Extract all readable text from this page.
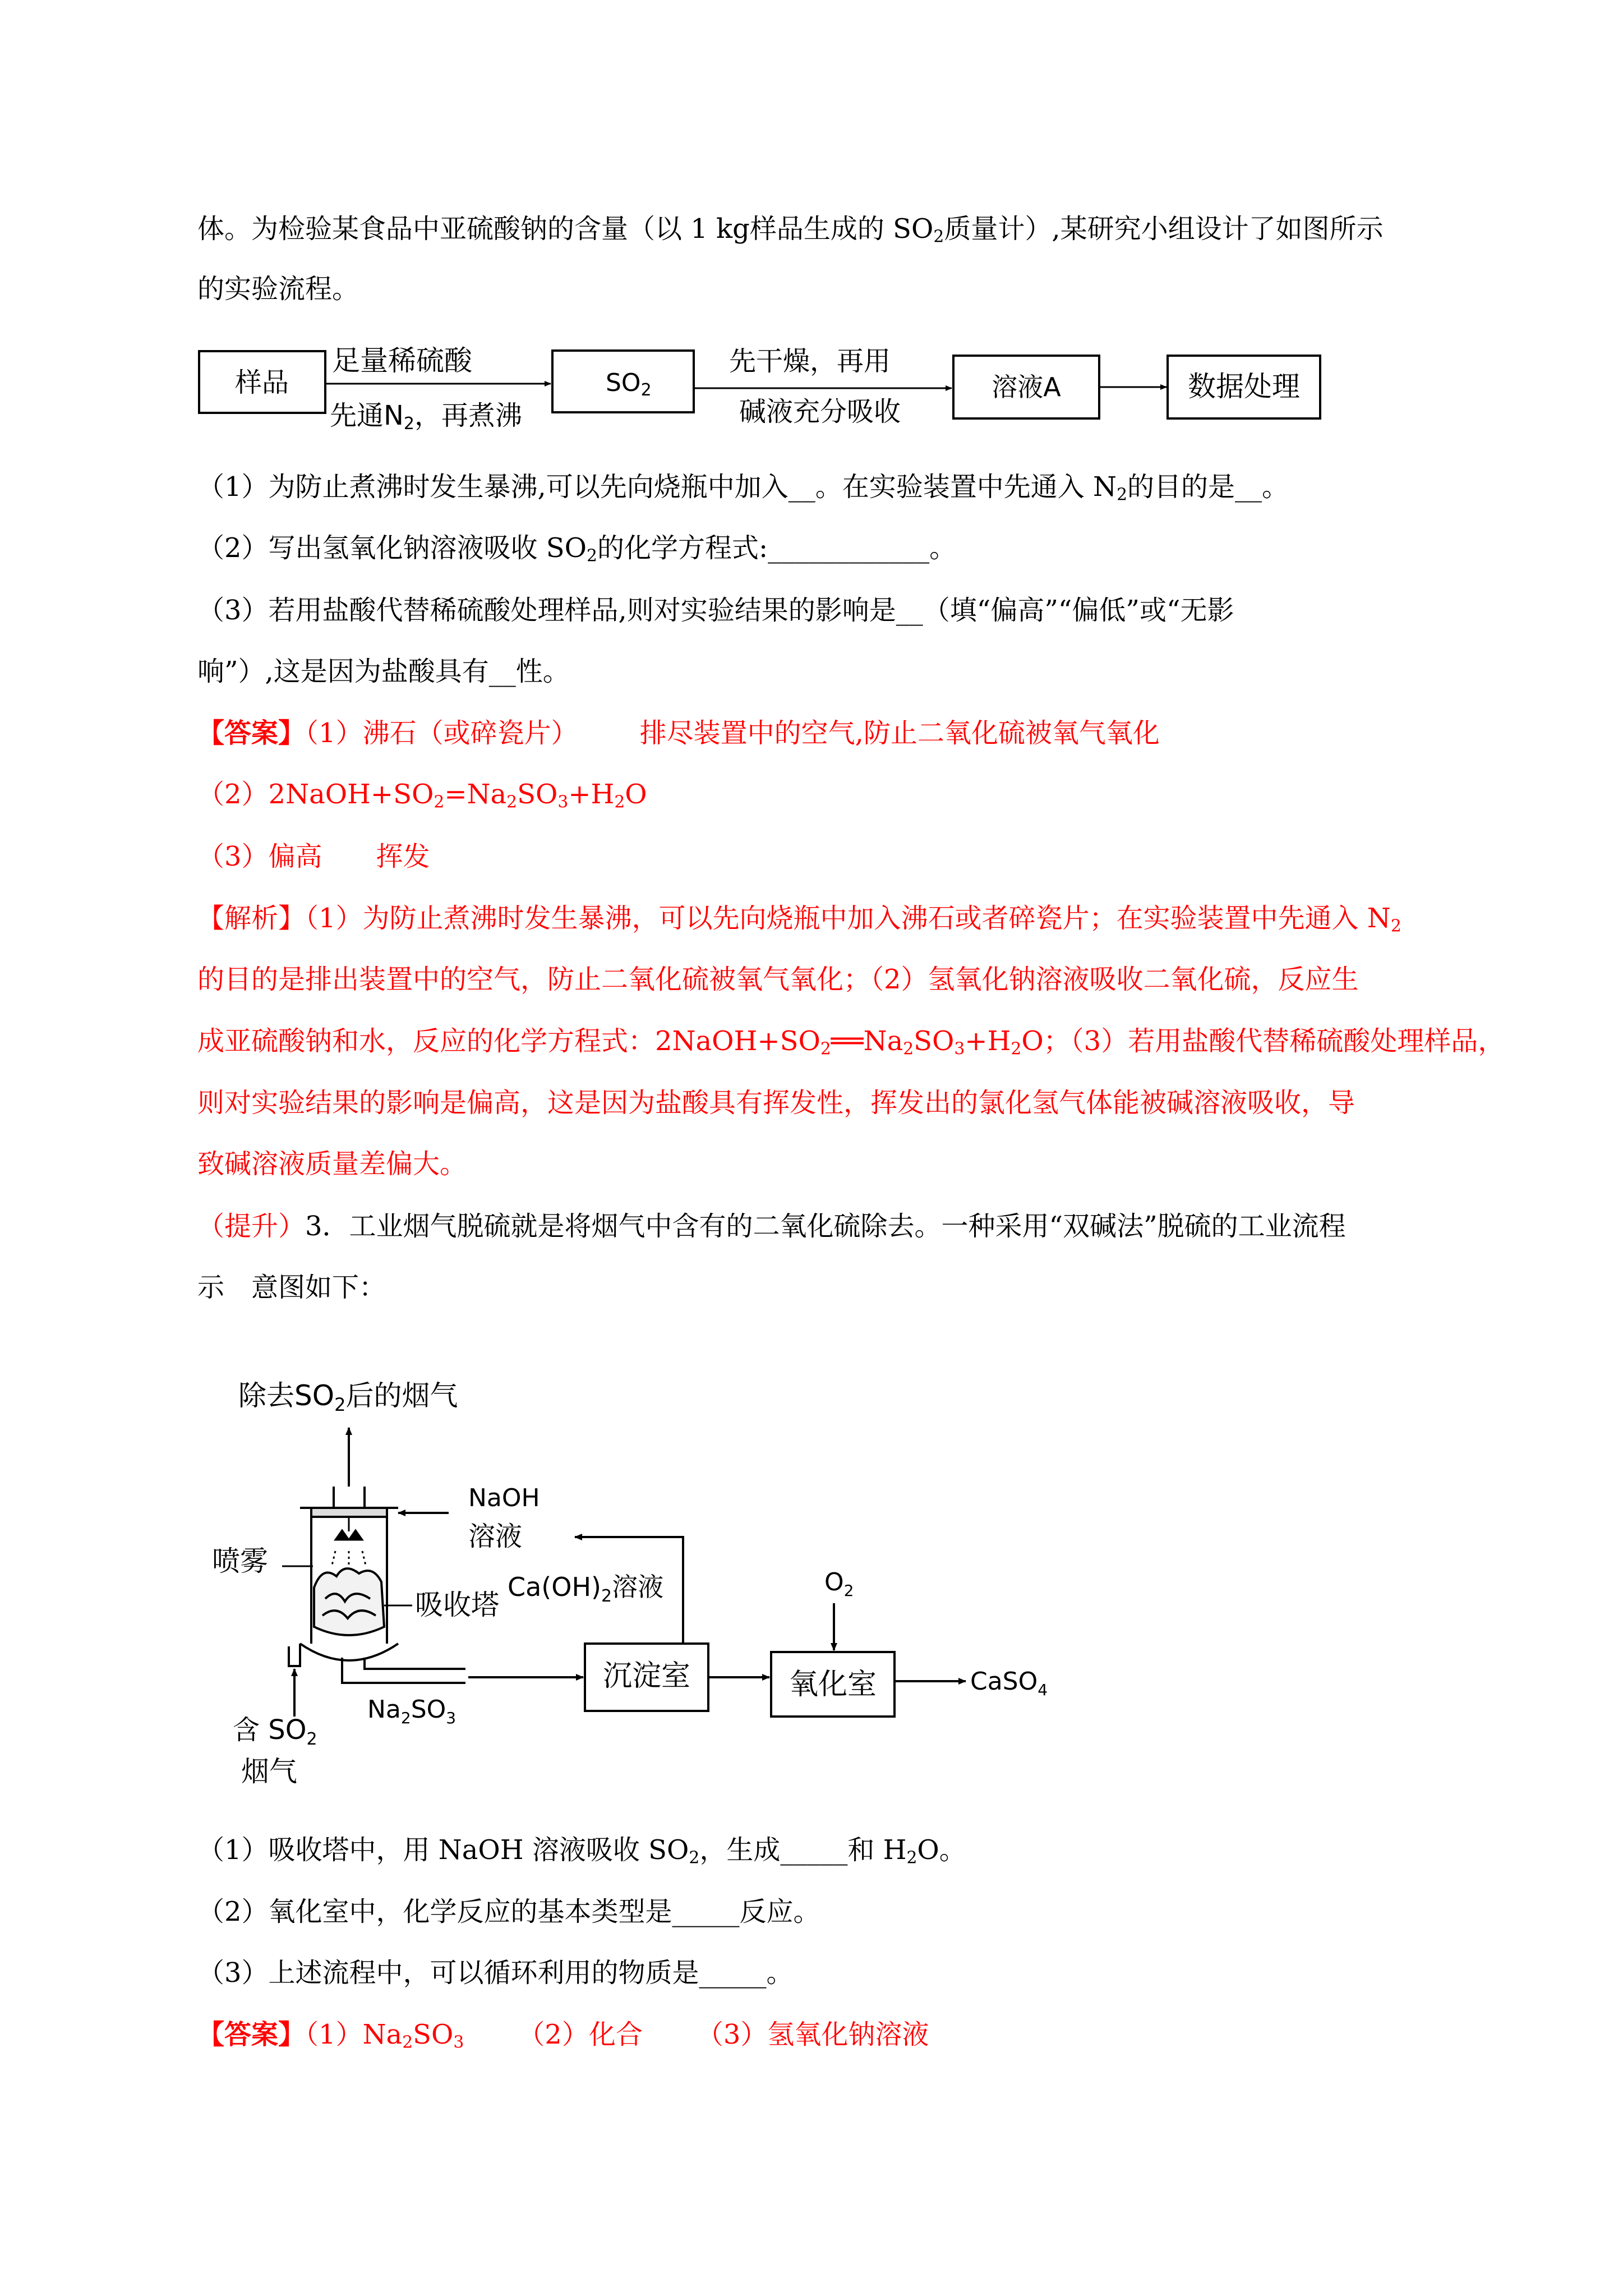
体。为检验某食品中亚硫酸钠的含量（以 1 kg样品生成的 $SO_2$质量计）,某研究小组设计了如图所示
的实验流程。
样品
足量稀硫酸
先通N2，再煮沸
SO2
先干燥，再用
碱液充分吸收
溶液A	数据处理
（1）为防止煮沸时发生暴沸,可以先向烧瓶中加入__。在实验装置中先通入 $N_2$的目的是__。
（2）写出氢氧化钠溶液吸收 $SO_2$的化学方程式:____________。
（3）若用盐酸代替稀硫酸处理样品,则对实验结果的影响是__（填“偏高”“偏低”或“无影
响”）,这是因为盐酸具有__性。
【答案】（1）沸石（或碎瓷片） 排尽装置中的空气,防止二氧化硫被氧气氧化
$(2)2NaOH+SO_2=Na_2SO_3+H_2O$
（3）偏高 挥发
【解析】（1）为防止煮沸时发生暴沸，可以先向烧瓶中加入沸石或者碎瓷片；在实验装置中先通入 $N_2$
的目的是排出装置中的空气，防止二氧化硫被氧气氧化；（2）氢氧化钠溶液吸收二氧化硫，反应生
成亚硫酸钠和水，反应的化学方程式：$2NaOH+SO_2══Na_2SO_3+H_2O$；（3）若用盐酸代替稀硫酸处理样品，
则对实验结果的影响是偏高，这是因为盐酸具有挥发性，挥发出的氯化氢气体能被碱溶液吸收，导
致碱溶液质量差偏大。
（提升）3．工业烟气脱硫就是将烟气中含有的二氧化硫除去。一种采用“双碱法”脱硫的工业流程
示　意图如下：
除去$SO_2$后的烟气
NaOH
溶液
喷雾
吸收塔
$Ca(OH)_2$溶液	$O_2$
$Na_2SO_3$
沉淀室	氧化室	CaSO$_4$
含 $SO_2$
烟气
（1）吸收塔中，用 NaOH 溶液吸收 $SO_2$，生成_____和 $H_2O$。
（2）氧化室中，化学反应的基本类型是_____反应。
（3）上述流程中，可以循环利用的物质是_____。
【答案】$(1)Na_2SO_3$ （2）化合 （3）氢氧化钠溶液
